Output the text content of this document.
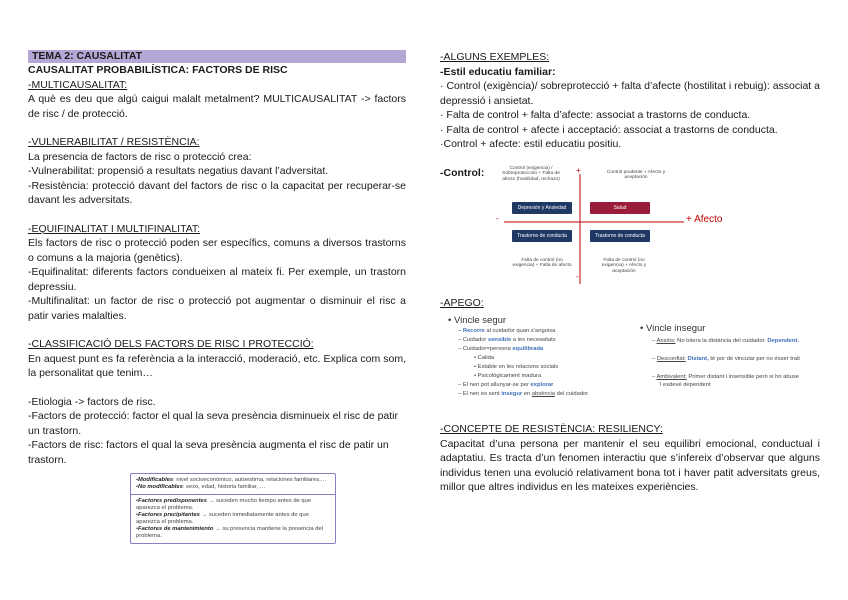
TEMA 2: CAUSALITAT

CAUSALITAT PROBABILÍSTICA: FACTORS DE RISC

-MULTICAUSALITAT:

A què es deu que algú caigui malalt metalment? MULTICAUSALITAT -> factors de risc / de protecció.

-VULNERABILITAT / RESISTÈNCIA:

La presencia de factors de risc o protecció crea:

-Vulnerabilitat: propensió a resultats negatius davant l’adversitat.

-Resistència: protecció davant del factors de risc o la capacitat per recuperar-se davant les adversitats.

-EQUIFINALITAT I MULTIFINALITAT:

Els factors de risc o protecció poden ser específics, comuns a diversos trastorns o comuns a la majoria (genètics).

-Equifinalitat: diferents factors condueixen al mateix fi. Per exemple, un trastorn depressiu.

-Multifinalitat: un factor de risc o protecció pot augmentar o disminuir el risc a patir varies malalties.

-CLASSIFICACIÓ DELS FACTORS DE RISC I PROTECCIÓ:

En aquest punt es fa referència a la interacció, moderació, etc. Explica com som, la personalitat que tenim…

-Etiologia -> factors de risc.

-Factors de protecció: factor el qual la seva presència disminueix el risc de patir un trastorn.

-Factors de risc: factors el qual la seva presència augmenta el risc de patir un trastorn.

•Modificables: nivel socioeconómico, autoestima, relaciones familiares,…
•No modificables: sexo, edad, historia familiar, …
•Factores predisponentes → suceden mucho tiempo antes de que aparezca el problema.
•Factores precipitantes → suceden inmediatamente antes de que aparezca el problema.
•Factores de mantenimiento → su presencia mantiene la presencia del problema.

-ALGUNS EXEMPLES:

-Estil educatiu familiar:

· Control (exigència)/ sobreprotecció + falta d’afecte (hostilitat i rebuig): associat a depressió i ansietat.

· Falta de control + falta d’afecte: associat a trastorns de conducta.

· Falta de control + afecte i acceptació: associat a trastorns de conducta.

·Control + afecte: estil educatiu positiu.

-Control:	Control (exigencia) / Sobreprotección + Falta de afecto (hostilidad, rechazo)
Control prudente + Afecto y aceptación
+
-	+ Afecto
Depresión y Ansiedad	Salud
Trastorno de conducta	Trastorno de conducta
Falta de control (no exigencia) + Falta de afecto
Falta de control (no exigencia) + Afecto y aceptación
-

-APEGO:

• Vincle segur
• Vincle insegur
– Recorre al cuidador quan s’angoixa
– Cuidador sensible a les necessitats
– Cuidador=persona equilibrada
• Calida
• Estable en les relacions socials
• Psicològicament madura
– El nen pot allunyar-se per explorar
– El nen es sent insegur en absència del cuidador
– Ansiós: No tolera la distància del cuidador. Dependent.
– Desconfiat: Distant, té por de vincular per no ésser trait
– Ambivalent: Primer distant i insensible però si ho abuse
l esdevé dependent

-CONCEPTE DE RESISTÈNCIA: RESILIENCY:

Capacitat d’una persona per mantenir el seu equilibri emocional, conductual i adaptatiu. Es tracta d’un fenomen interactiu que s’infereix d’observar que alguns individus tenen una evolució relativament bona tot i haver patit adversitats greus, millor que altres individus en les mateixes experiències.
